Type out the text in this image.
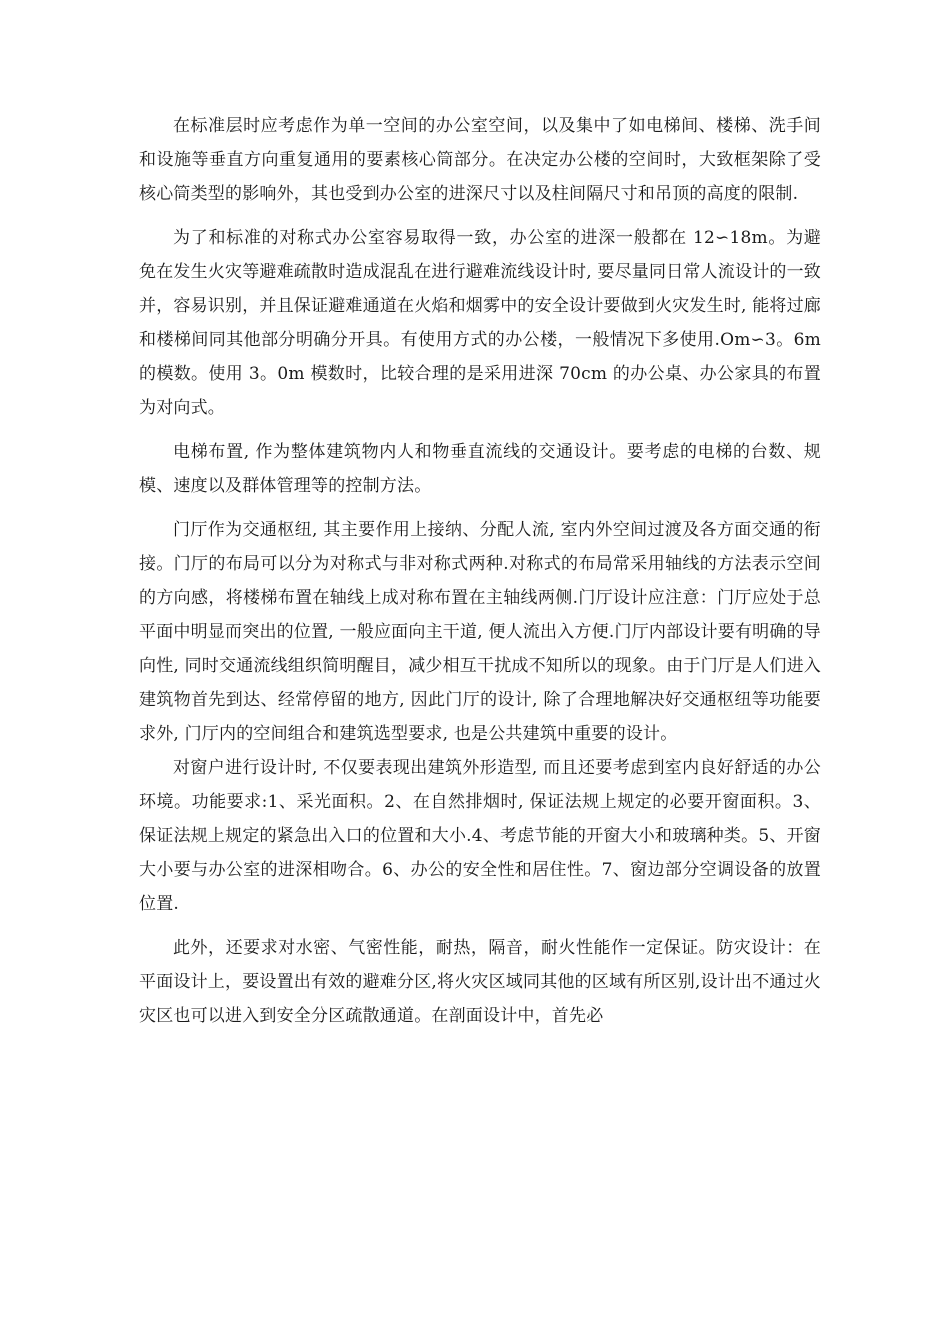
在标准层时应考虑作为单一空间的办公室空间，以及集中了如电梯间、楼梯、洗手间和设施等垂直方向重复通用的要素核心筒部分。在决定办公楼的空间时，大致框架除了受核心筒类型的影响外，其也受到办公室的进深尺寸以及柱间隔尺寸和吊顶的高度的限制.

为了和标准的对称式办公室容易取得一致，办公室的进深一般都在 12∽18m。为避免在发生火灾等避难疏散时造成混乱在进行避难流线设计时, 要尽量同日常人流设计的一致并，容易识别，并且保证避难通道在火焰和烟雾中的安全设计要做到火灾发生时, 能将过廊和楼梯间同其他部分明确分开具。有使用方式的办公楼，一般情况下多使用.Om∽3。6m 的模数。使用 3。0m 模数时，比较合理的是采用进深 70cm 的办公桌、办公家具的布置为对向式。

电梯布置, 作为整体建筑物内人和物垂直流线的交通设计。要考虑的电梯的台数、规模、速度以及群体管理等的控制方法。

门厅作为交通枢纽, 其主要作用上接纳、分配人流, 室内外空间过渡及各方面交通的衔接。门厅的布局可以分为对称式与非对称式两种.对称式的布局常采用轴线的方法表示空间的方向感，将楼梯布置在轴线上成对称布置在主轴线两侧.门厅设计应注意：门厅应处于总平面中明显而突出的位置, 一般应面向主干道, 便人流出入方便.门厅内部设计要有明确的导向性, 同时交通流线组织简明醒目，减少相互干扰成不知所以的现象。由于门厅是人们进入建筑物首先到达、经常停留的地方, 因此门厅的设计, 除了合理地解决好交通枢纽等功能要求外, 门厅内的空间组合和建筑选型要求, 也是公共建筑中重要的设计。

对窗户进行设计时, 不仅要表现出建筑外形造型, 而且还要考虑到室内良好舒适的办公环境。功能要求:1、采光面积。2、在自然排烟时, 保证法规上规定的必要开窗面积。3、保证法规上规定的紧急出入口的位置和大小.4、考虑节能的开窗大小和玻璃种类。5、开窗大小要与办公室的进深相吻合。6、办公的安全性和居住性。7、窗边部分空调设备的放置位置.

此外，还要求对水密、气密性能，耐热，隔音，耐火性能作一定保证。防灾设计：在平面设计上，要设置出有效的避难分区,将火灾区域同其他的区域有所区别,设计出不通过火灾区也可以进入到安全分区疏散通道。在剖面设计中，首先必
